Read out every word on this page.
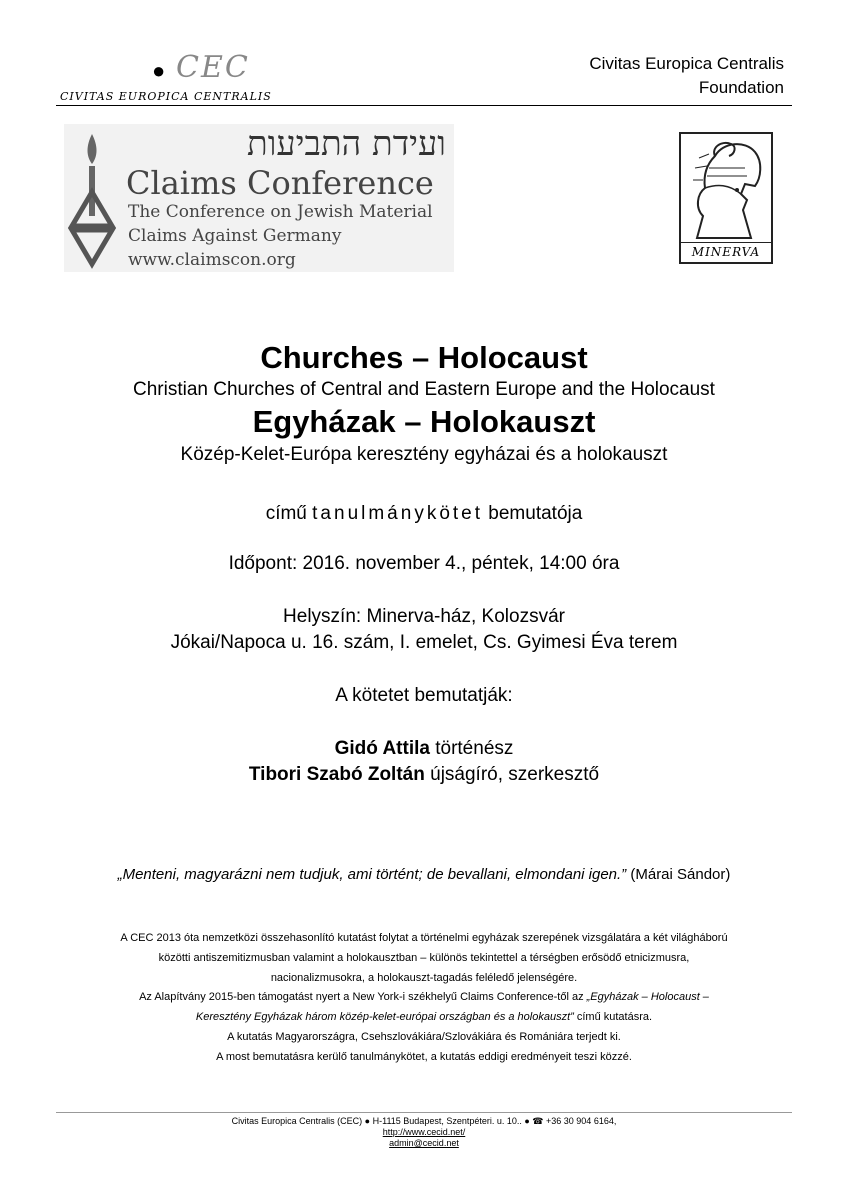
● CEC
CIVITAS EUROPICA CENTRALIS
Civitas Europica Centralis
Foundation
ועידת התביעות
Claims Conference
The Conference on Jewish Material
Claims Against Germany
www.claimscon.org	MINERVA
Churches – Holocaust
Christian Churches of Central and Eastern Europe and the Holocaust
Egyházak – Holokauszt
Közép-Kelet-Európa keresztény egyházai és a holokauszt
című tanulmánykötet bemutatója
Időpont: 2016. november 4., péntek, 14:00 óra
Helyszín: Minerva-ház, Kolozsvár
Jókai/Napoca u. 16. szám, I. emelet, Cs. Gyimesi Éva terem
A kötetet bemutatják:
Gidó Attila történész
Tibori Szabó Zoltán újságíró, szerkesztő
„Menteni, magyarázni nem tudjuk, ami történt; de bevallani, elmondani igen.” (Márai Sándor)
A CEC 2013 óta nemzetközi összehasonlító kutatást folytat a történelmi egyházak szerepének vizsgálatára a két világháború
közötti antiszemitizmusban valamint a holokausztban – különös tekintettel a térségben erősödő etnicizmusra,
nacionalizmusokra, a holokauszt-tagadás feléledő jelenségére.
Az Alapítvány 2015-ben támogatást nyert a New York-i székhelyű Claims Conference-től az „Egyházak – Holocaust –
Keresztény Egyházak három közép-kelet-európai országban és a holokauszt” című kutatásra.
A kutatás Magyarországra, Csehszlovákiára/Szlovákiára és Romániára terjedt ki.
A most bemutatásra kerülő tanulmánykötet, a kutatás eddigi eredményeit teszi közzé.
Civitas Europica Centralis (CEC) ● H-1115 Budapest, Szentpéteri. u. 10.. ● ☎ +36 30 904 6164,
http://www.cecid.net/
admin@cecid.net
